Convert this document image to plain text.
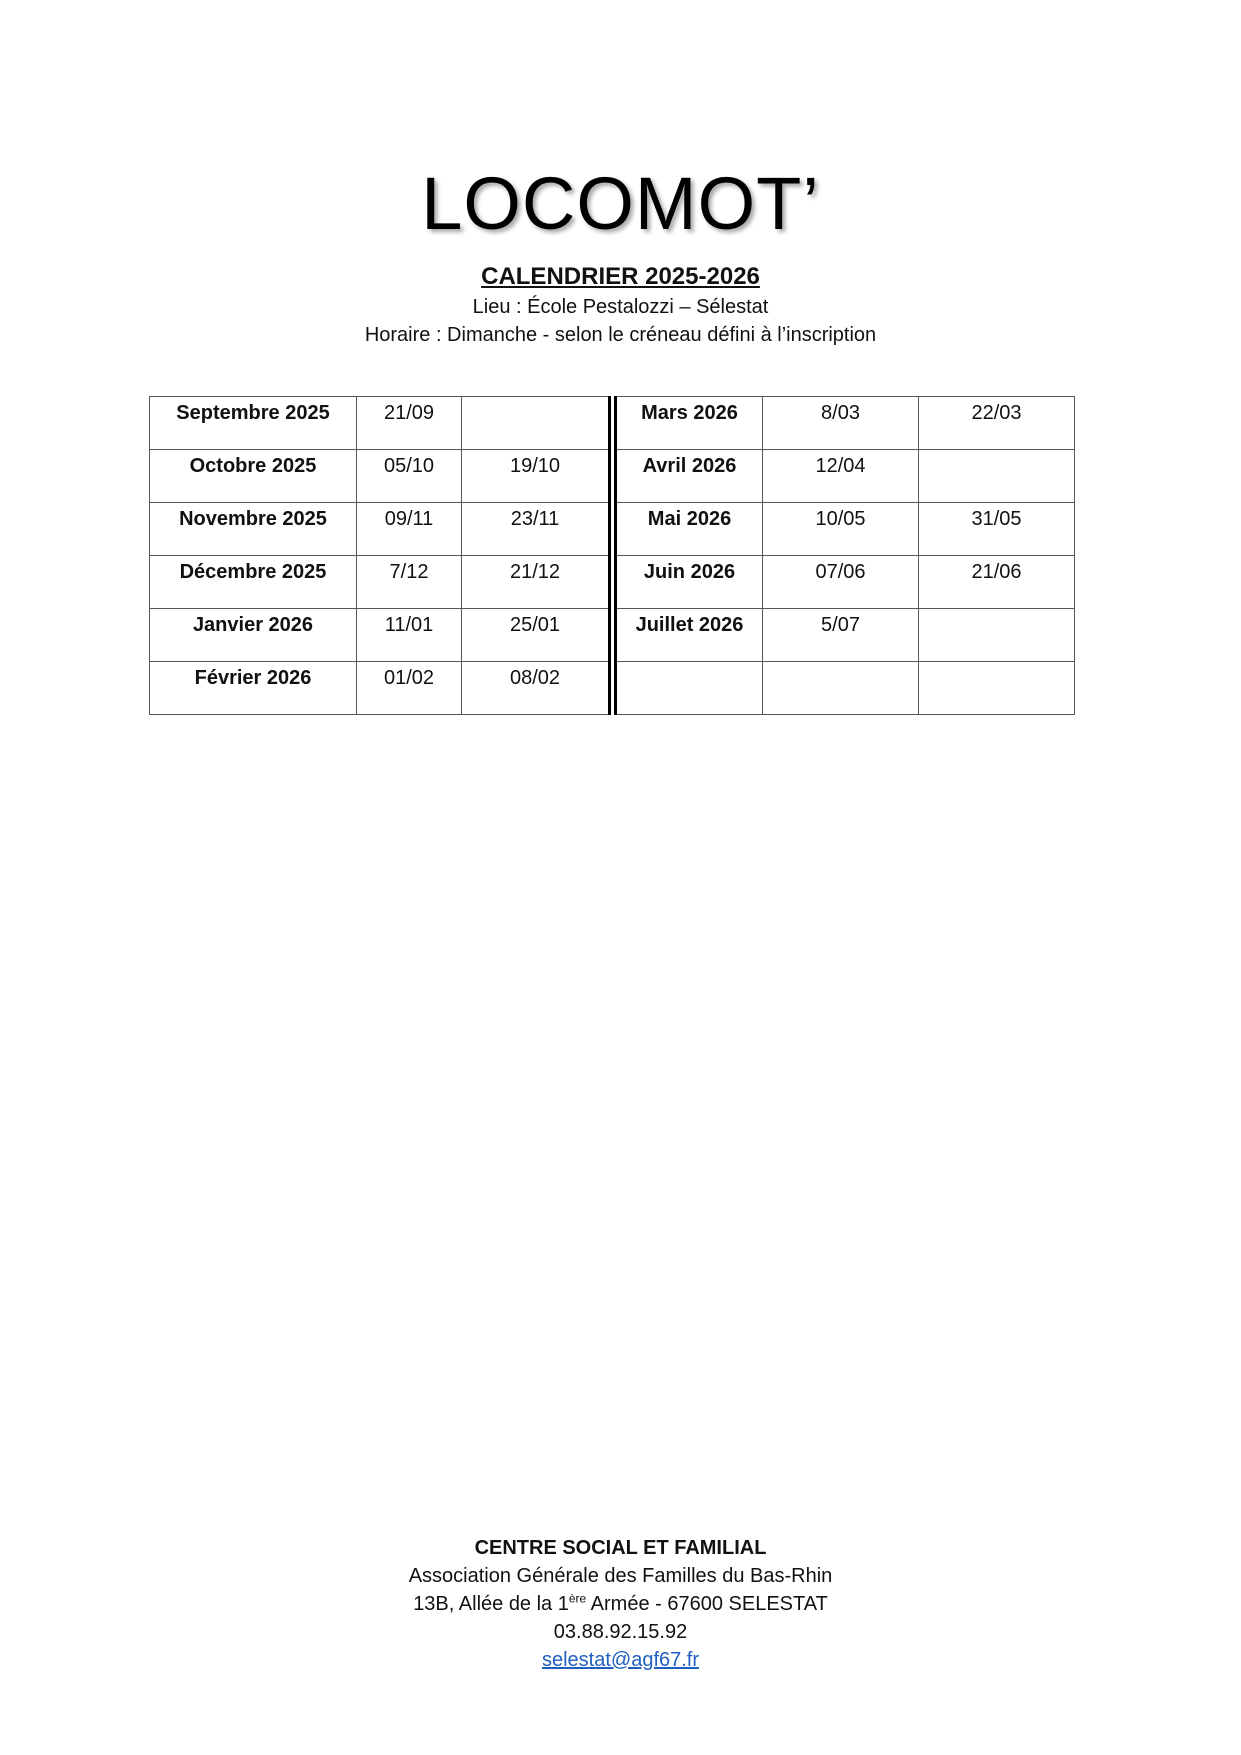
LOCOMOT’
CALENDRIER 2025-2026
Lieu : École Pestalozzi – Sélestat
Horaire : Dimanche - selon le créneau défini à l’inscription
Septembre 2025	21/09		Mars 2026	8/03	22/03
Octobre 2025	05/10	19/10	Avril 2026	12/04	
Novembre 2025	09/11	23/11	Mai 2026	10/05	31/05
Décembre 2025	7/12	21/12	Juin 2026	07/06	21/06
Janvier 2026	11/01	25/01	Juillet 2026	5/07	
Février 2026	01/02	08/02			
CENTRE SOCIAL ET FAMILIAL
Association Générale des Familles du Bas-Rhin
13B, Allée de la 1ère Armée - 67600 SELESTAT
03.88.92.15.92
selestat@agf67.fr
